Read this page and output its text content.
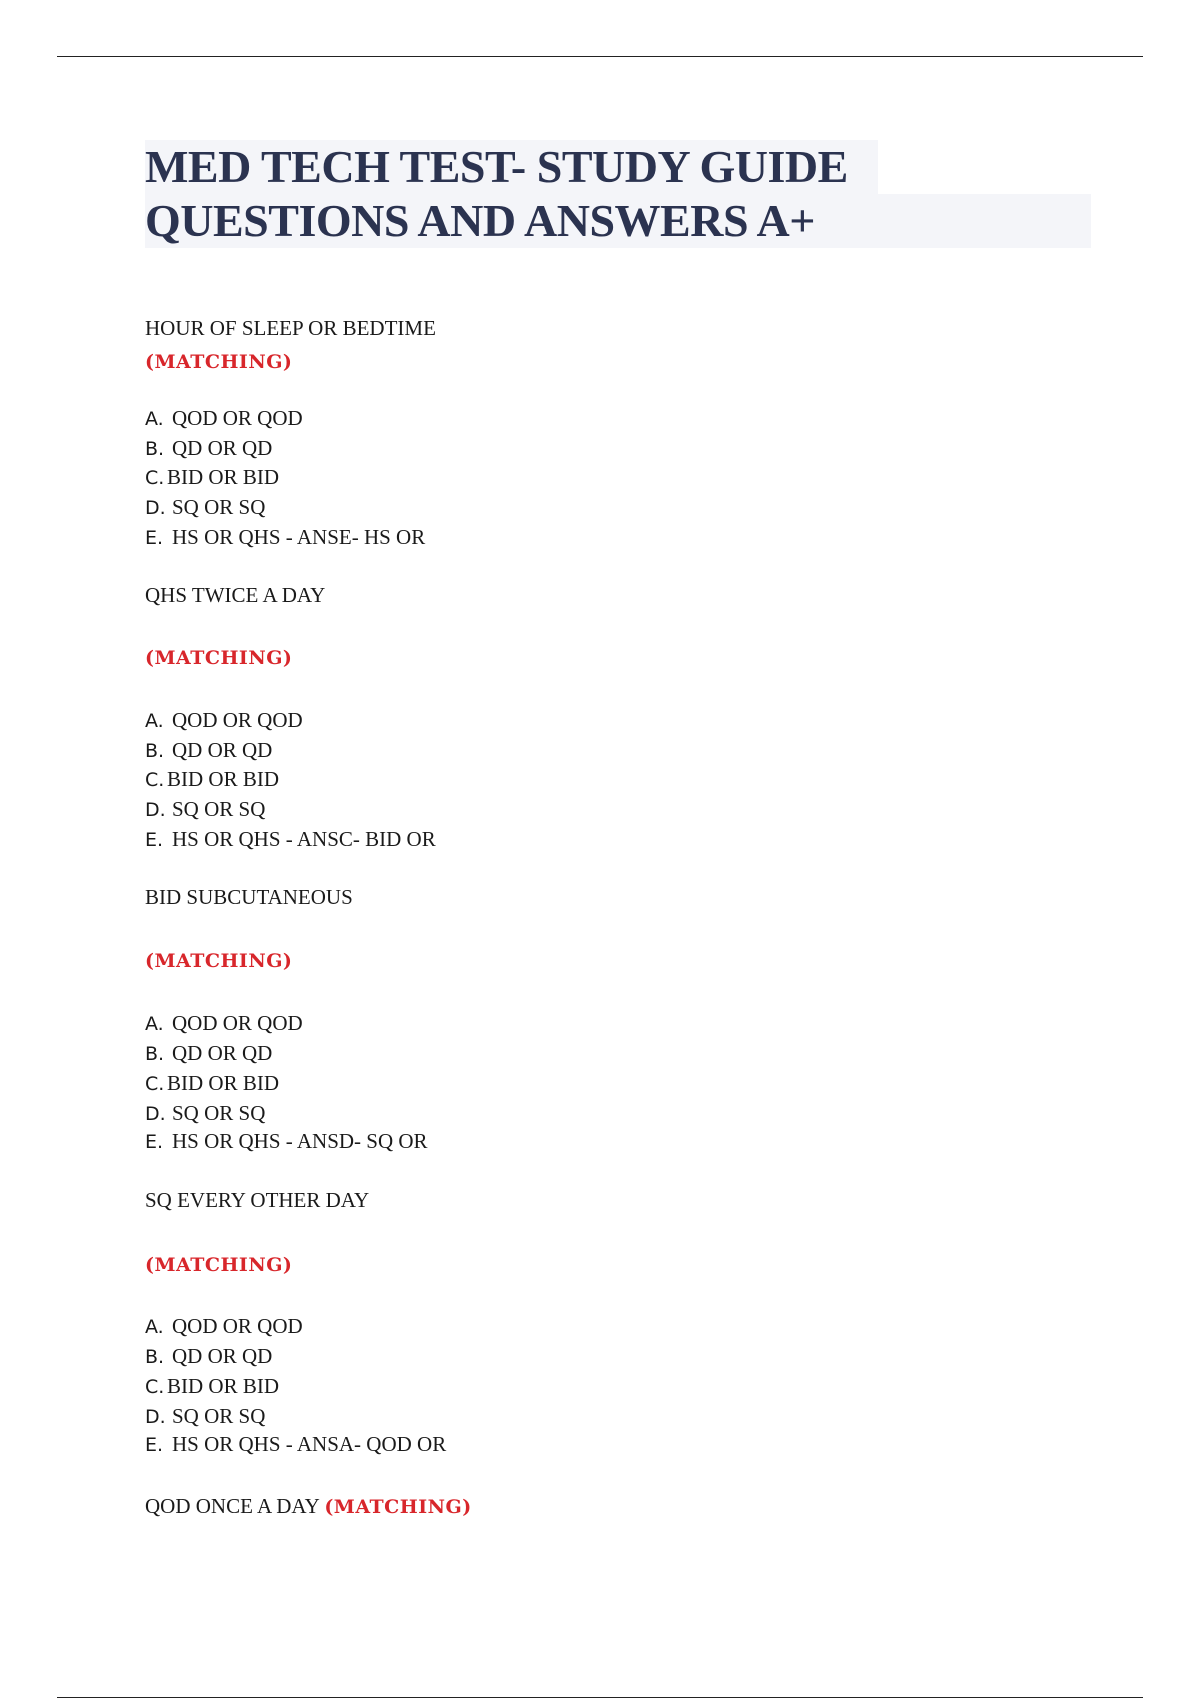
MED TECH TEST- STUDY GUIDE
QUESTIONS AND ANSWERS A+
HOUR OF SLEEP OR BEDTIME
(MATCHING)
A. QOD OR QOD
B. QD OR QD
C. BID OR BID
D. SQ OR SQ
E. HS OR QHS - ANSE- HS OR
QHS TWICE A DAY
(MATCHING)
A. QOD OR QOD
B. QD OR QD
C. BID OR BID
D. SQ OR SQ
E. HS OR QHS - ANSC- BID OR
BID SUBCUTANEOUS
(MATCHING)
A. QOD OR QOD
B. QD OR QD
C. BID OR BID
D. SQ OR SQ
E. HS OR QHS - ANSD- SQ OR
SQ EVERY OTHER DAY
(MATCHING)
A. QOD OR QOD
B. QD OR QD
C. BID OR BID
D. SQ OR SQ
E. HS OR QHS - ANSA- QOD OR
QOD ONCE A DAY (MATCHING)
